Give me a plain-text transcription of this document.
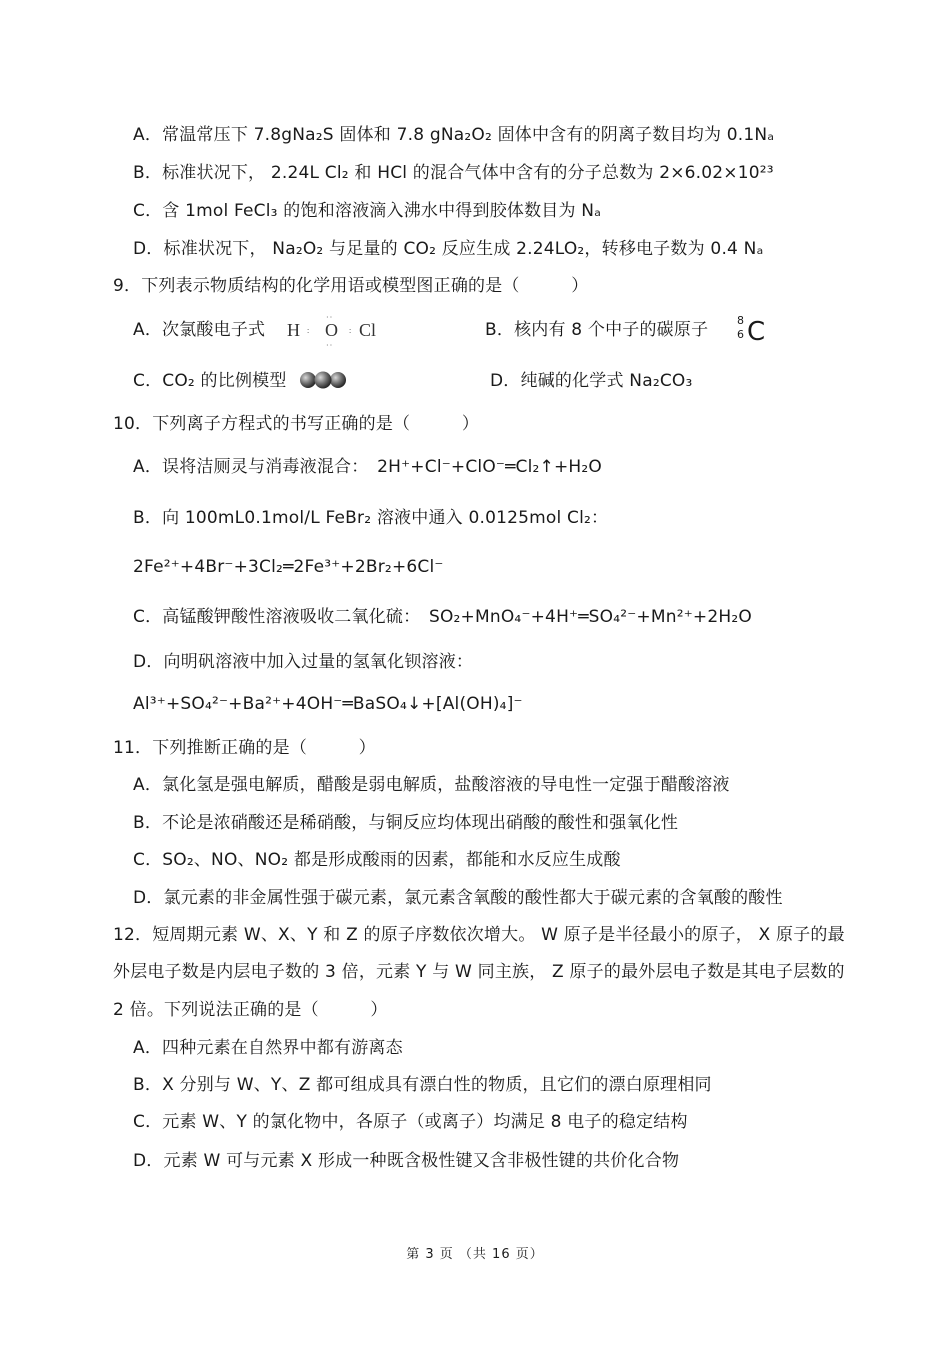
A．常温常压下 7.8gNa₂S 固体和 7.8 gNa₂O₂ 固体中含有的阴离子数目均为 0.1Nₐ
B．标准状况下， 2.24L Cl₂ 和 HCl 的混合气体中含有的分子总数为 2×6.02×10²³
C．含 1mol FeCl₃ 的饱和溶液滴入沸水中得到胶体数目为 Nₐ
D．标准状况下， Na₂O₂ 与足量的 CO₂ 反应生成 2.24LO₂，转移电子数为 0.4 Nₐ
9．下列表示物质结构的化学用语或模型图正确的是（　　　）
A．次氯酸电子式 H : O
··
··
: Cl	B．核内有 8 个中子的碳原子	8
6 C
C．CO₂ 的比例模型	D．纯碱的化学式 Na₂CO₃
10．下列离子方程式的书写正确的是（　　　）
A．误将洁厕灵与消毒液混合：　2H⁺+Cl⁻+ClO⁻═Cl₂↑+H₂O
B．向 100mL0.1mol/L FeBr₂ 溶液中通入 0.0125mol Cl₂：
2Fe²⁺+4Br⁻+3Cl₂═2Fe³⁺+2Br₂+6Cl⁻
C．高锰酸钾酸性溶液吸收二氧化硫：　SO₂+MnO₄⁻+4H⁺═SO₄²⁻+Mn²⁺+2H₂O
D．向明矾溶液中加入过量的氢氧化钡溶液：
Al³⁺+SO₄²⁻+Ba²⁺+4OH⁻═BaSO₄↓+[Al(OH)₄]⁻
11．下列推断正确的是（　　　）
A．氯化氢是强电解质，醋酸是弱电解质，盐酸溶液的导电性一定强于醋酸溶液
B．不论是浓硝酸还是稀硝酸，与铜反应均体现出硝酸的酸性和强氧化性
C．SO₂、NO、NO₂ 都是形成酸雨的因素，都能和水反应生成酸
D．氯元素的非金属性强于碳元素，氯元素含氧酸的酸性都大于碳元素的含氧酸的酸性
12．短周期元素 W、X、Y 和 Z 的原子序数依次增大。 W 原子是半径最小的原子， X 原子的最
外层电子数是内层电子数的 3 倍，元素 Y 与 W 同主族， Z 原子的最外层电子数是其电子层数的
2 倍。下列说法正确的是（　　　）
A．四种元素在自然界中都有游离态
B．X 分别与 W、Y、Z 都可组成具有漂白性的物质，且它们的漂白原理相同
C．元素 W、Y 的氯化物中，各原子（或离子）均满足 8 电子的稳定结构
D．元素 W 可与元素 X 形成一种既含极性键又含非极性键的共价化合物
第 3 页 （共 16 页）
